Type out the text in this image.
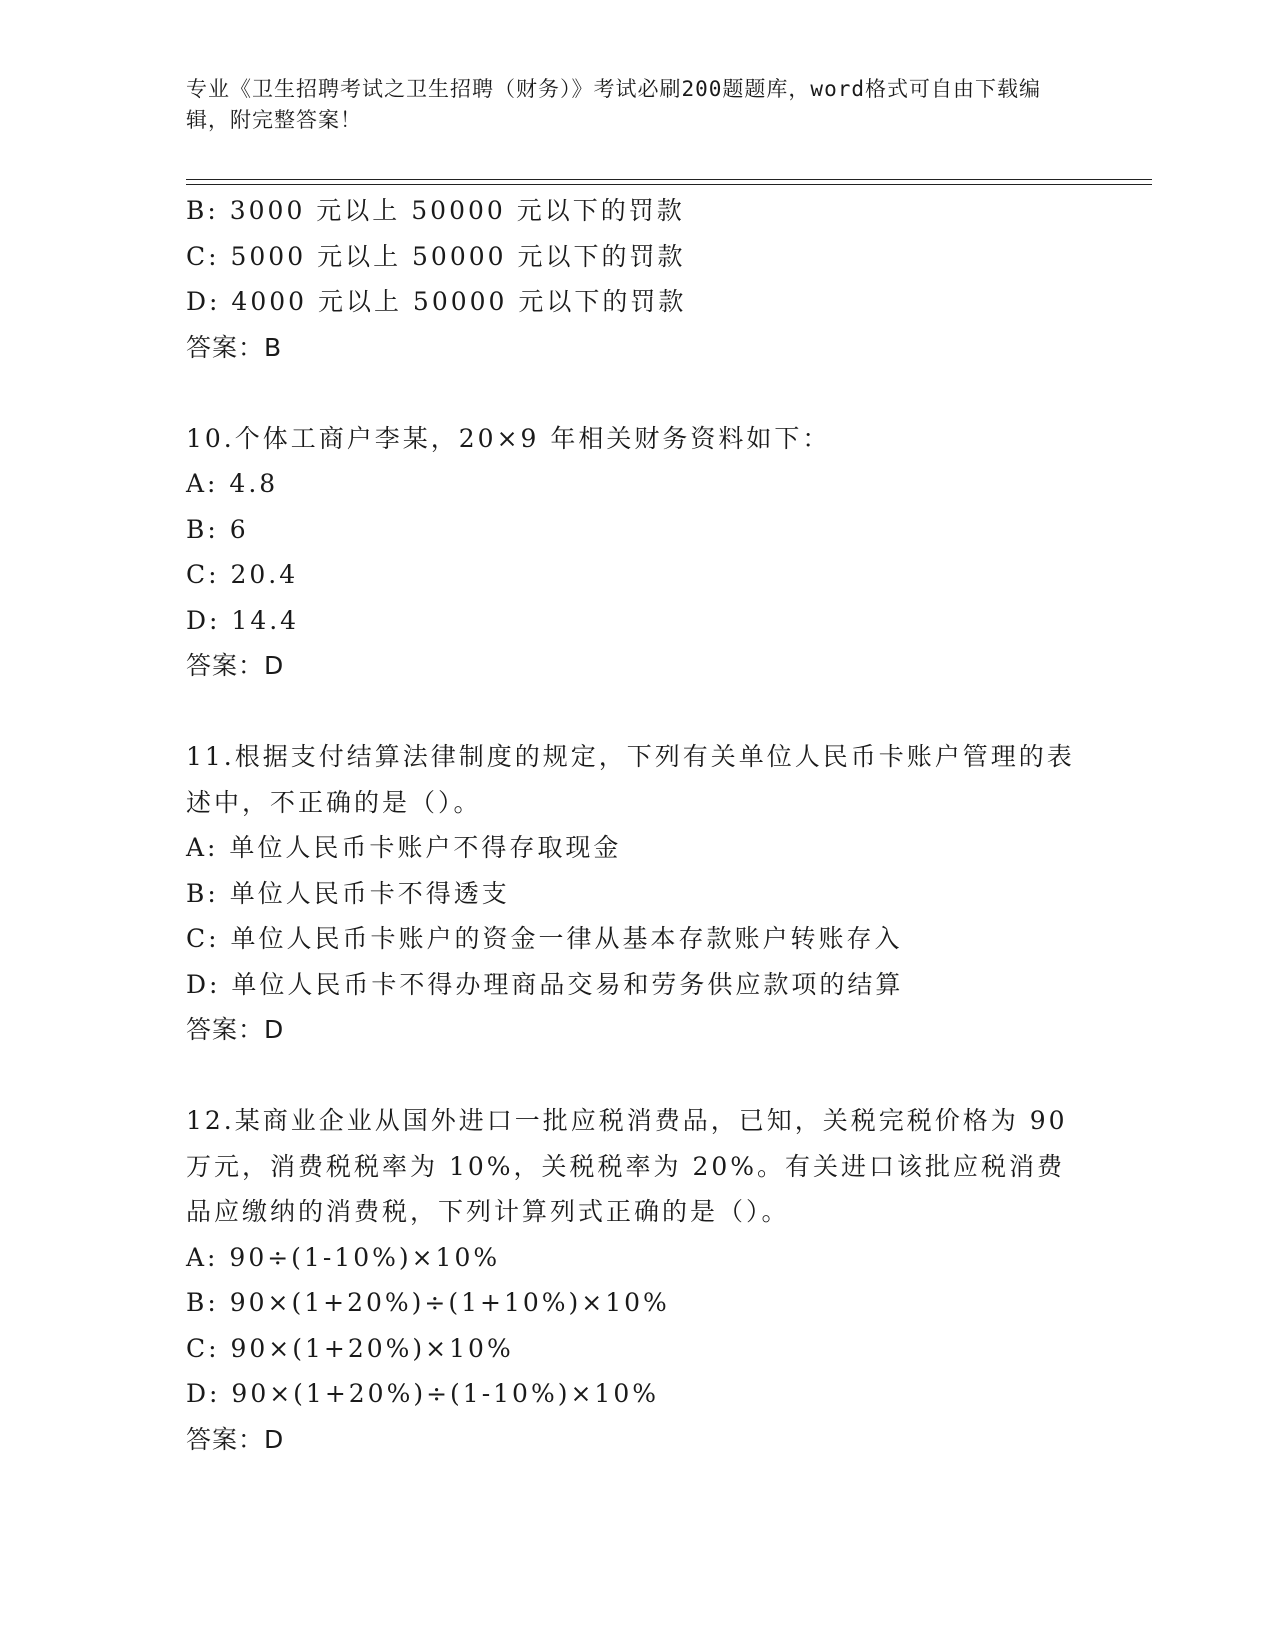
专业《卫生招聘考试之卫生招聘（财务）》考试必刷200题题库，word格式可自由下载编辑，附完整答案！
B: 3000 元以上 50000 元以下的罚款
C: 5000 元以上 50000 元以下的罚款
D: 4000 元以上 50000 元以下的罚款
答案：B
10.个体工商户李某，20×9 年相关财务资料如下：
A: 4.8
B: 6
C: 20.4
D: 14.4
答案：D
11.根据支付结算法律制度的规定，下列有关单位人民币卡账户管理的表述中，不正确的是（）。
A: 单位人民币卡账户不得存取现金
B: 单位人民币卡不得透支
C: 单位人民币卡账户的资金一律从基本存款账户转账存入
D: 单位人民币卡不得办理商品交易和劳务供应款项的结算
答案：D
12.某商业企业从国外进口一批应税消费品，已知，关税完税价格为 90 万元，消费税税率为 10%，关税税率为 20%。有关进口该批应税消费品应缴纳的消费税，下列计算列式正确的是（）。
A: 90÷(1-10%)×10%
B: 90×(1+20%)÷(1+10%)×10%
C: 90×(1+20%)×10%
D: 90×(1+20%)÷(1-10%)×10%
答案：D
